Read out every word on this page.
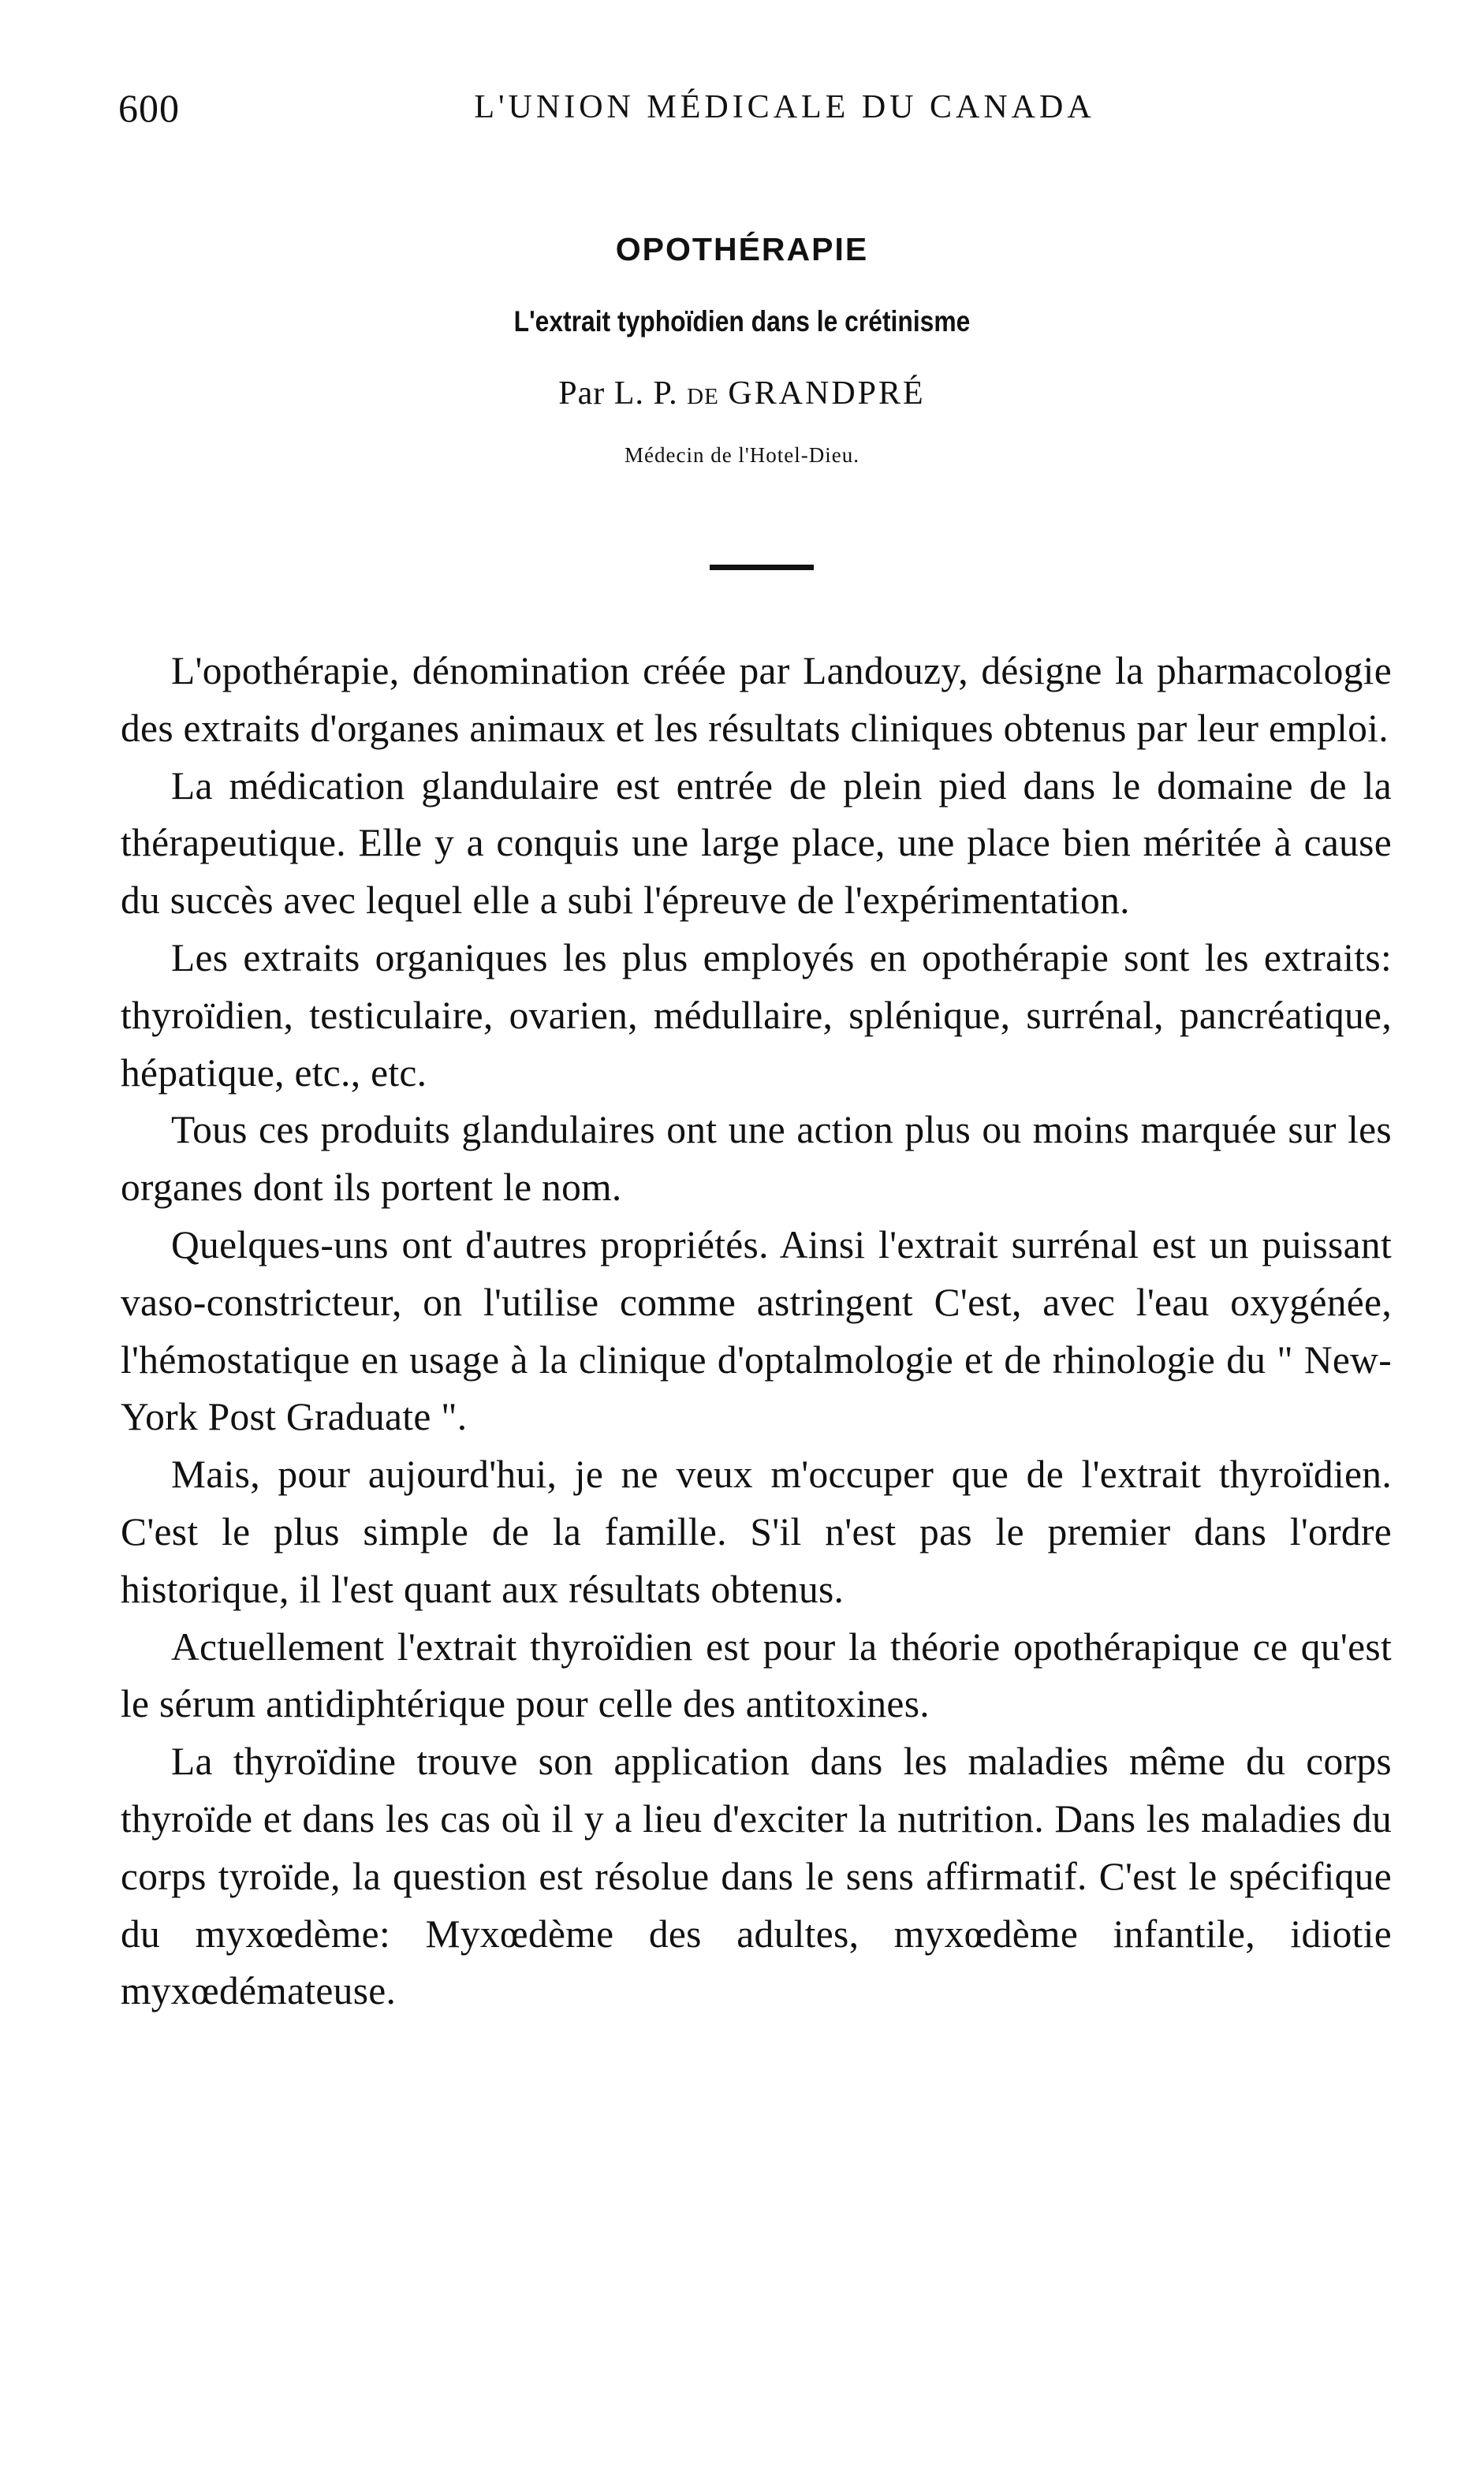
600	L'UNION MÉDICALE DU CANADA
OPOTHÉRAPIE
L'extrait typhoïdien dans le crétinisme
Par L. P. DE GRANDPRÉ
Médecin de l'Hotel-Dieu.

L'opothérapie, dénomination créée par Landouzy, désigne la pharmacologie des extraits d'organes animaux et les résultats cliniques obtenus par leur emploi.

La médication glandulaire est entrée de plein pied dans le domaine de la thérapeutique. Elle y a conquis une large place, une place bien méritée à cause du succès avec lequel elle a subi l'épreuve de l'expérimentation.

Les extraits organiques les plus employés en opothérapie sont les extraits: thyroïdien, testiculaire, ovarien, médullaire, splénique, surrénal, pancréatique, hépatique, etc., etc.

Tous ces produits glandulaires ont une action plus ou moins marquée sur les organes dont ils portent le nom.

Quelques-uns ont d'autres propriétés. Ainsi l'extrait surrénal est un puissant vaso-constricteur, on l'utilise comme astringent C'est, avec l'eau oxygénée, l'hémostatique en usage à la clinique d'optalmologie et de rhinologie du " New-York Post Graduate ".

Mais, pour aujourd'hui, je ne veux m'occuper que de l'extrait thyroïdien. C'est le plus simple de la famille. S'il n'est pas le premier dans l'ordre historique, il l'est quant aux résultats obtenus.

Actuellement l'extrait thyroïdien est pour la théorie opothérapique ce qu'est le sérum antidiphtérique pour celle des antitoxines.

La thyroïdine trouve son application dans les maladies même du corps thyroïde et dans les cas où il y a lieu d'exciter la nutrition. Dans les maladies du corps tyroïde, la question est résolue dans le sens affirmatif. C'est le spécifique du myxœdème: Myxœdème des adultes, myxœdème infantile, idiotie myxœdémateuse.
